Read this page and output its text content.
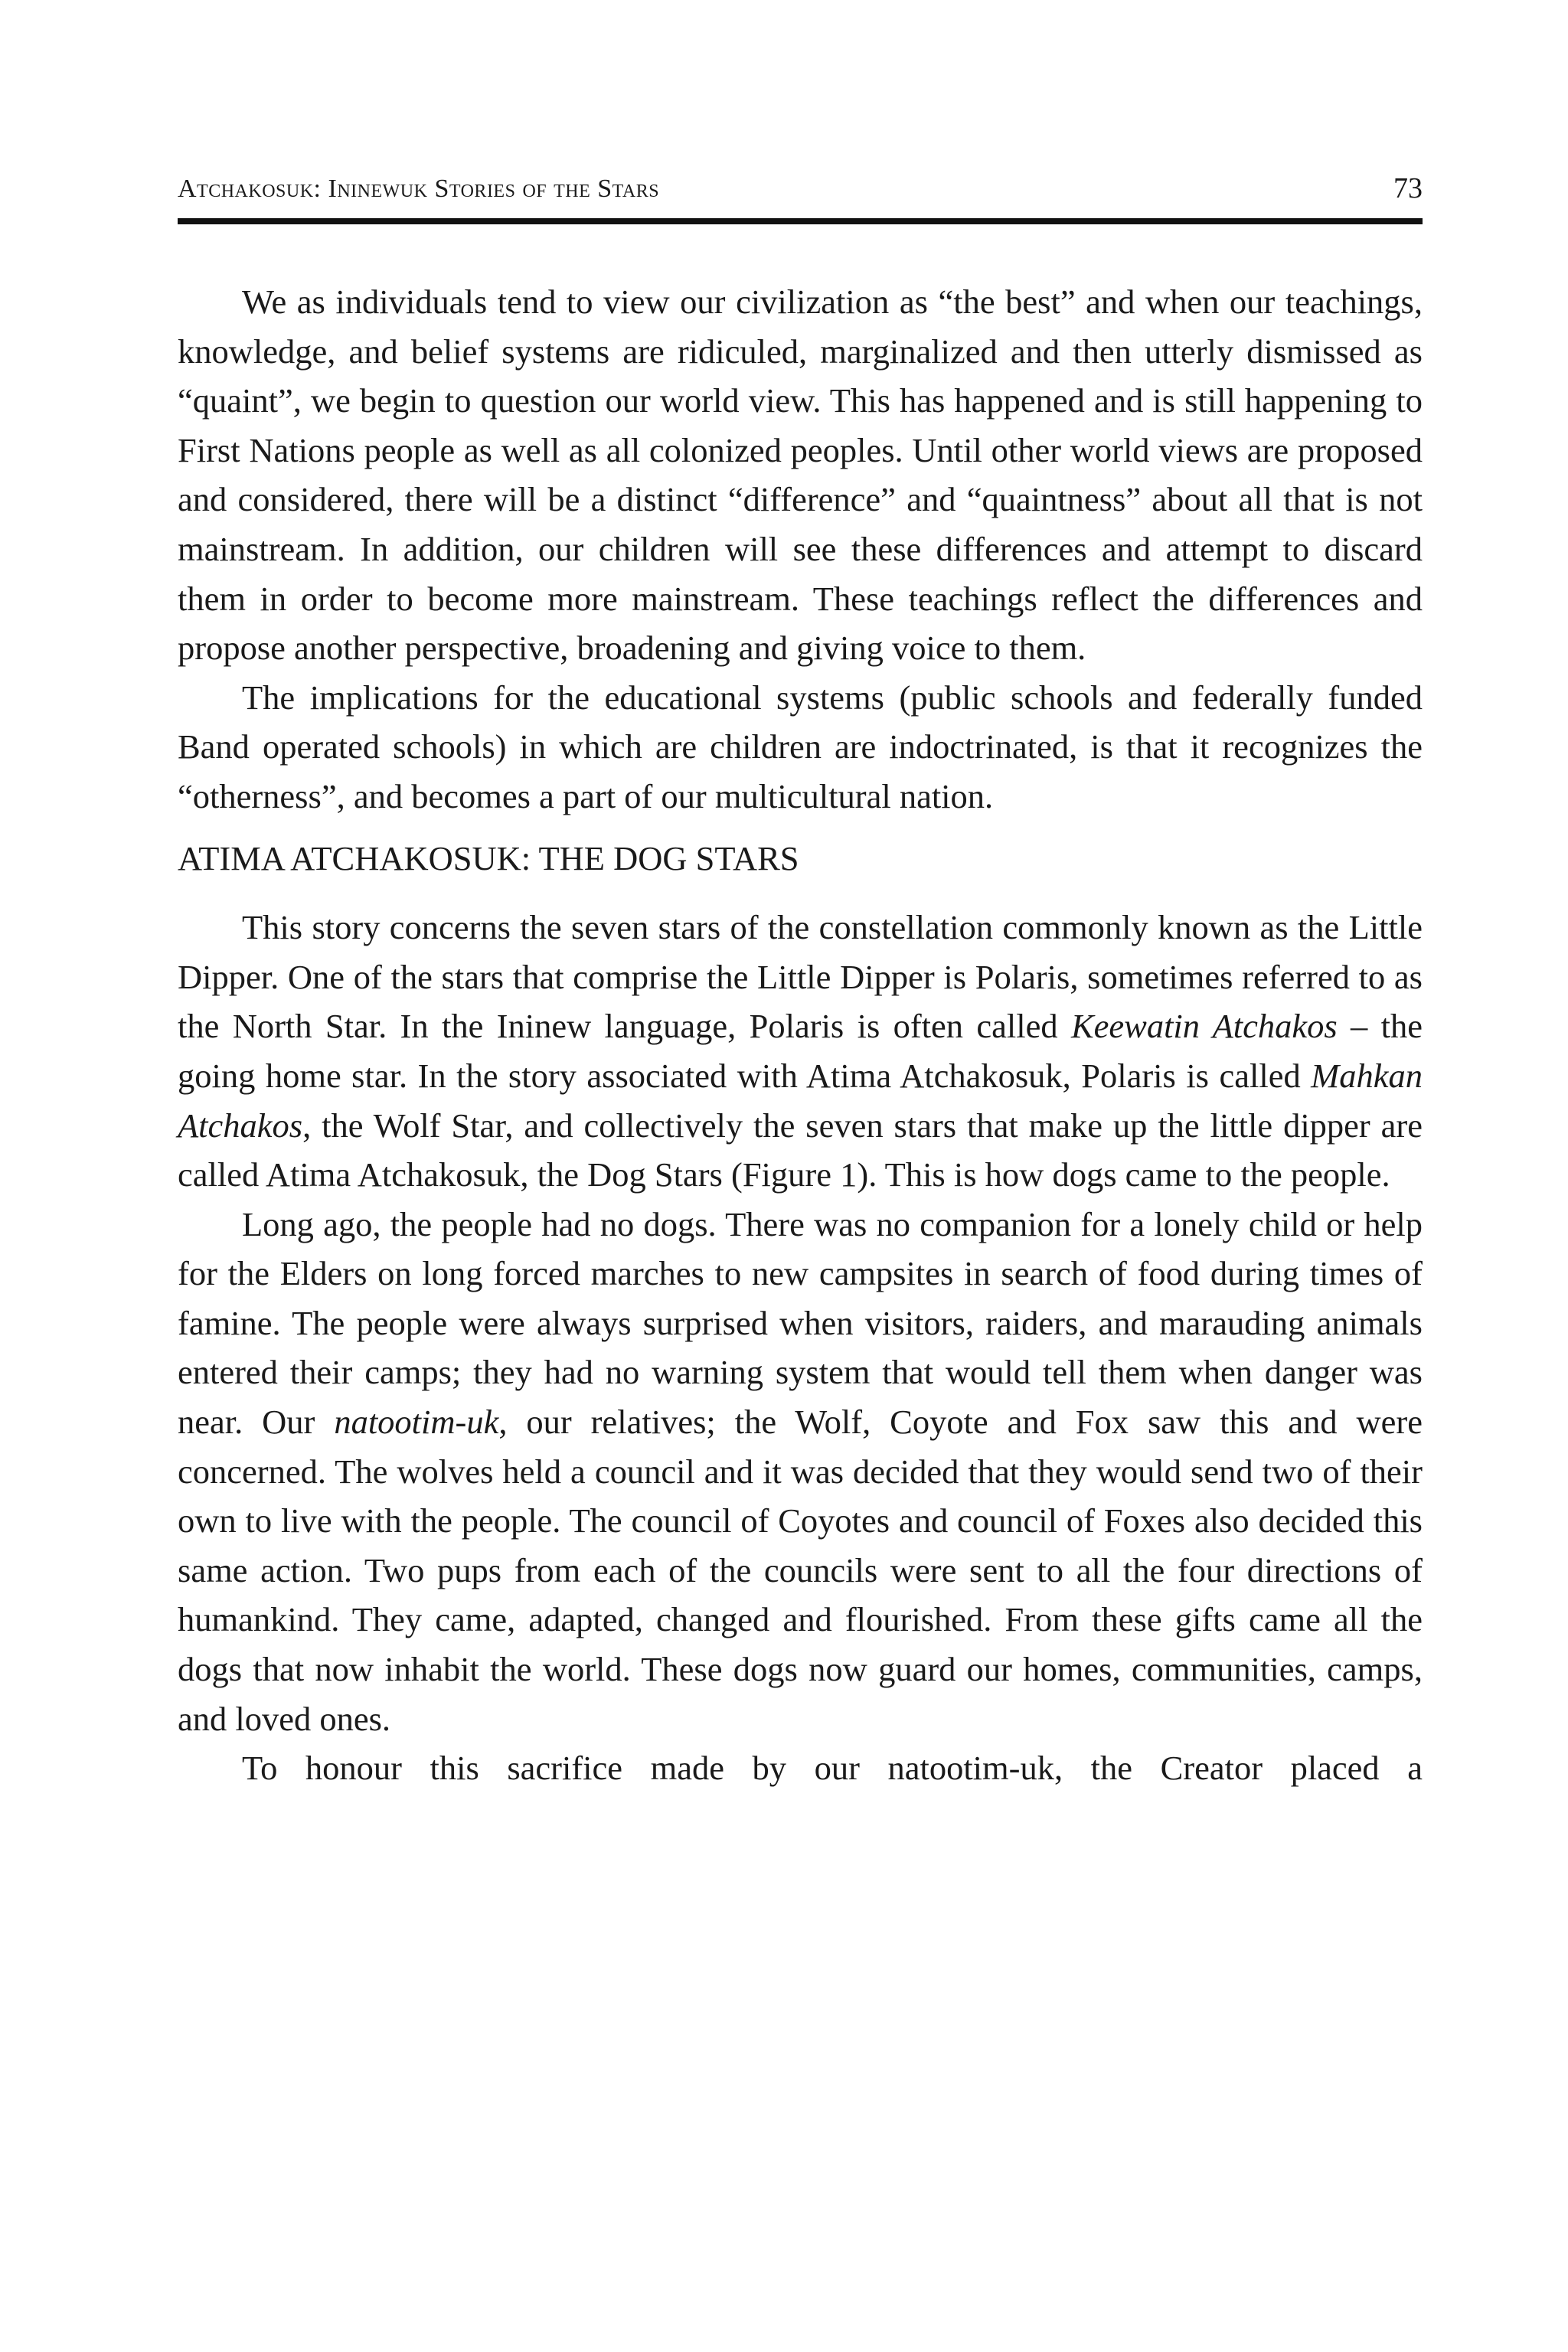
Atchakosuk: Ininewuk Stories of the Stars	73

We as individuals tend to view our civilization as “the best” and when our teachings, knowledge, and belief systems are ridiculed, marginalized and then utterly dismissed as “quaint”, we begin to question our world view. This has happened and is still happening to First Nations people as well as all colonized peoples. Until other world views are proposed and considered, there will be a distinct “difference” and “quaintness” about all that is not mainstream. In addition, our children will see these differences and attempt to discard them in order to become more mainstream. These teachings reflect the differences and propose another perspective, broadening and giving voice to them.

The implications for the educational systems (public schools and federally funded Band operated schools) in which are children are indoctrinated, is that it recognizes the “otherness”, and becomes a part of our multicultural nation.

ATIMA ATCHAKOSUK: THE DOG STARS

This story concerns the seven stars of the constellation commonly known as the Little Dipper. One of the stars that comprise the Little Dipper is Polaris, sometimes referred to as the North Star. In the Ininew language, Polaris is often called Keewatin Atchakos – the going home star. In the story associated with Atima Atchakosuk, Polaris is called Mahkan Atchakos, the Wolf Star, and collectively the seven stars that make up the little dipper are called Atima Atchakosuk, the Dog Stars (Figure 1). This is how dogs came to the people.

Long ago, the people had no dogs. There was no companion for a lonely child or help for the Elders on long forced marches to new campsites in search of food during times of famine. The people were always surprised when visitors, raiders, and marauding animals entered their camps; they had no warning system that would tell them when danger was near. Our natootim-uk, our relatives; the Wolf, Coyote and Fox saw this and were concerned. The wolves held a council and it was decided that they would send two of their own to live with the people. The council of Coyotes and council of Foxes also decided this same action. Two pups from each of the councils were sent to all the four directions of humankind. They came, adapted, changed and flourished. From these gifts came all the dogs that now inhabit the world. These dogs now guard our homes, communities, camps, and loved ones.

To honour this sacrifice made by our natootim-uk, the Creator placed a
